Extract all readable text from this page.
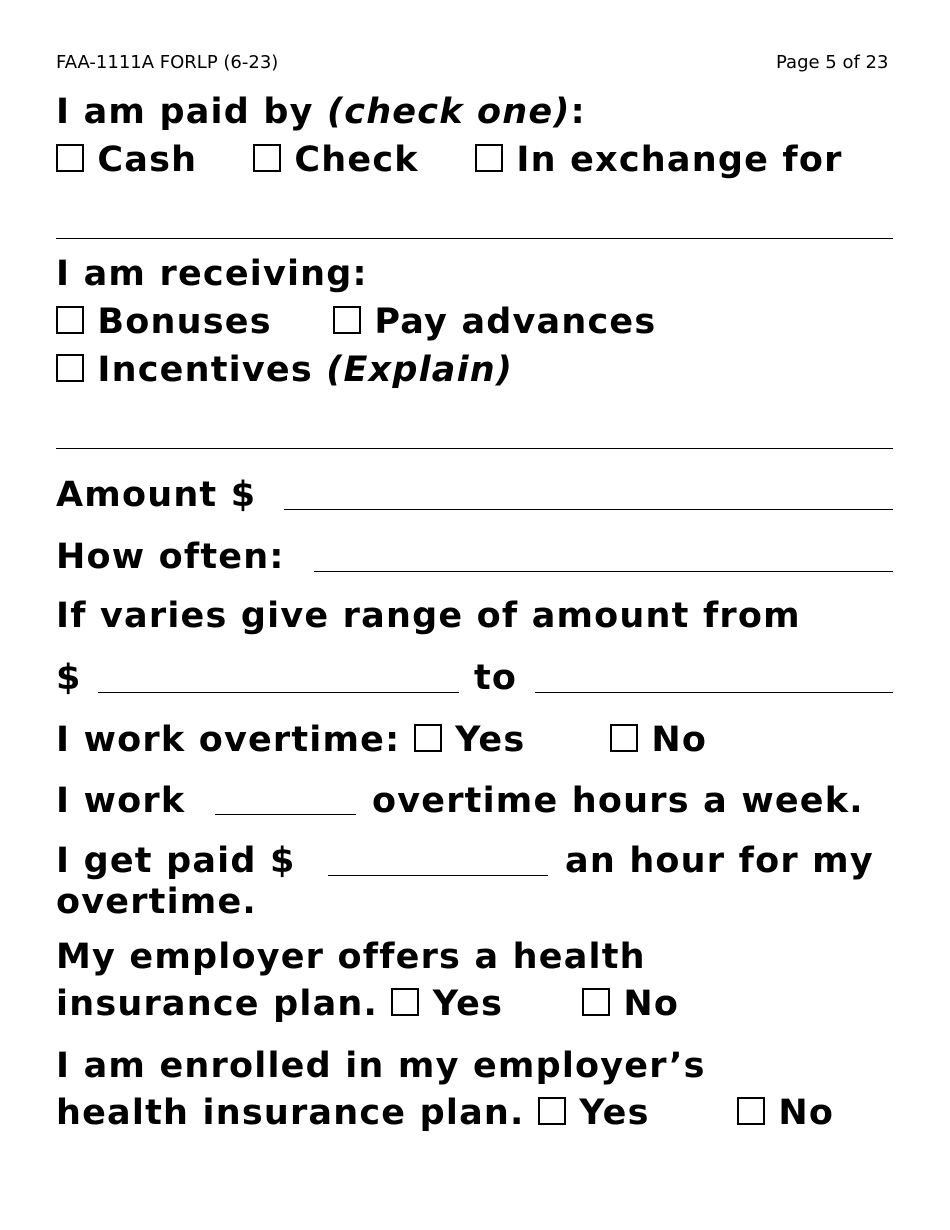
FAA-1111A FORLP (6-23)	Page 5 of 23
I am paid by (check one):
Cash	Check	In exchange for
I am receiving:
Bonuses	Pay advances
Incentives (Explain)
Amount $
How often:
If varies give range of amount from
$	to
I work overtime: Yes	No
I work	overtime hours a week.
I get paid $	an hour for my
overtime.
My employer offers a health
insurance plan. Yes	No
I am enrolled in my employer’s
health insurance plan. Yes	No
